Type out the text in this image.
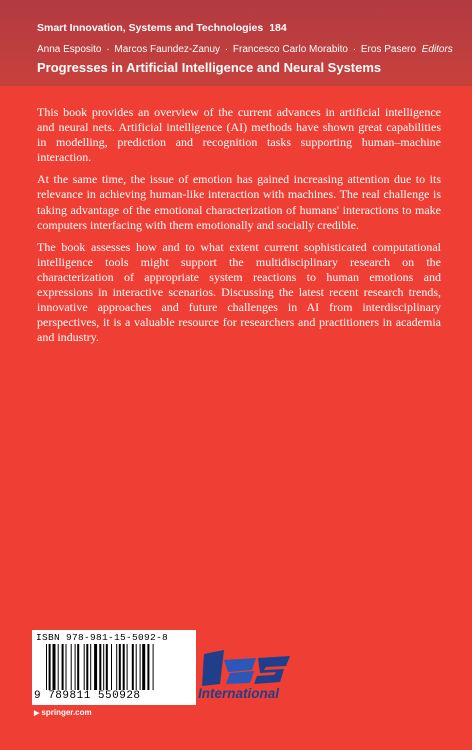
Smart Innovation, Systems and Technologies 184
Anna Esposito · Marcos Faundez-Zanuy · Francesco Carlo Morabito · Eros Pasero Editors
Progresses in Artificial Intelligence and Neural Systems

This book provides an overview of the current advances in artificial intelligence and neural nets. Artificial intelligence (AI) methods have shown great capabilities in modelling, prediction and recognition tasks supporting human–machine interaction.

At the same time, the issue of emotion has gained increasing attention due to its relevance in achieving human-like interaction with machines. The real challenge is taking advantage of the emotional characterization of humans' interactions to make computers interfacing with them emotionally and socially credible.

The book assesses how and to what extent current sophisticated computational intelligence tools might support the multidisciplinary research on the characterization of appropriate system reactions to human emotions and expressions in interactive scenarios. Discussing the latest recent research trends, innovative approaches and future challenges in AI from interdisciplinary perspectives, it is a valuable resource for researchers and practitioners in academia and industry.

ISBN 978-981-15-5092-8
9 789811 550928	International
▶ springer.com
